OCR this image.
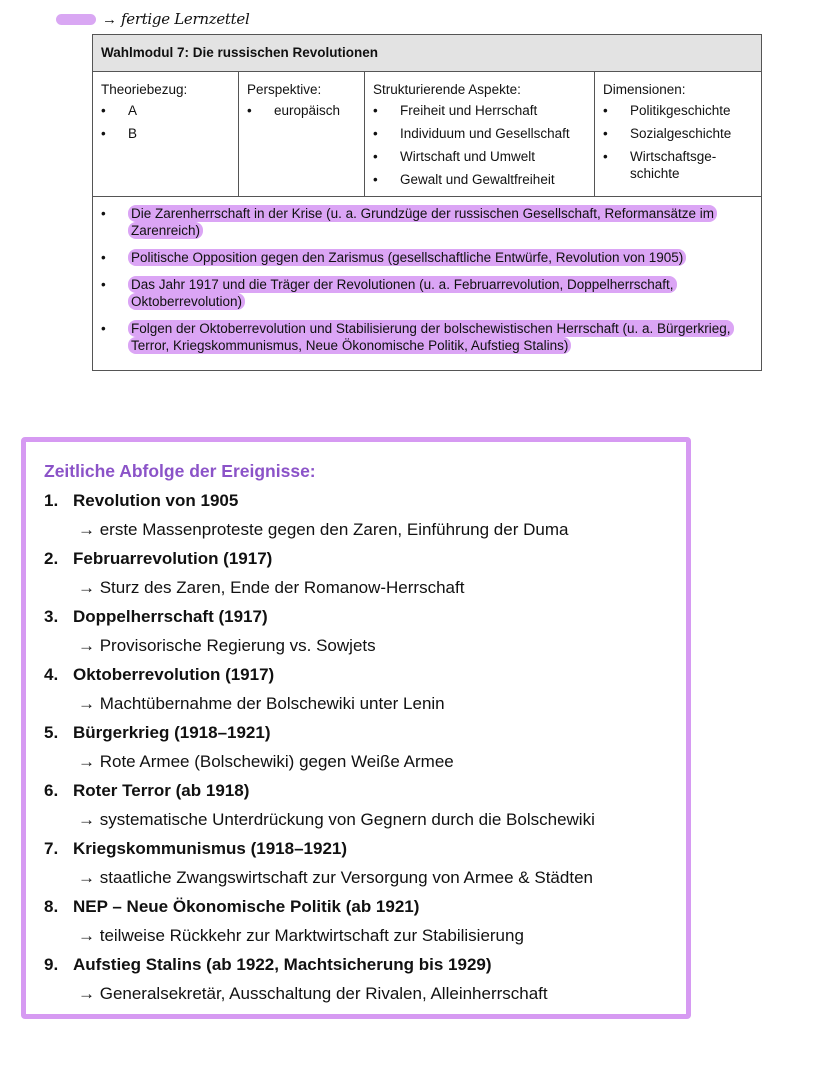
→ fertige Lernzettel
Wahlmodul 7: Die russischen Revolutionen
Theoriebezug:
• A
• B
Perspektive:
• europäisch
Strukturierende Aspekte:
• Freiheit und Herrschaft
• Individuum und Gesellschaft
• Wirtschaft und Umwelt
• Gewalt und Gewaltfreiheit
Dimensionen:
• Politikgeschichte
• Sozialgeschichte
• Wirtschaftsge-schichte
• Die Zarenherrschaft in der Krise (u. a. Grundzüge der russischen Gesellschaft, Reformansätze im Zarenreich)
• Politische Opposition gegen den Zarismus (gesellschaftliche Entwürfe, Revolution von 1905)
• Das Jahr 1917 und die Träger der Revolutionen (u. a. Februarrevolution, Doppelherrschaft, Oktoberrevolution)
• Folgen der Oktoberrevolution und Stabilisierung der bolschewistischen Herrschaft (u. a. Bürgerkrieg, Terror, Kriegskommunismus, Neue Ökonomische Politik, Aufstieg Stalins)
Zeitliche Abfolge der Ereignisse:
1. Revolution von 1905
→ erste Massenproteste gegen den Zaren, Einführung der Duma
2. Februarrevolution (1917)
→ Sturz des Zaren, Ende der Romanow-Herrschaft
3. Doppelherrschaft (1917)
→ Provisorische Regierung vs. Sowjets
4. Oktoberrevolution (1917)
→ Machtübernahme der Bolschewiki unter Lenin
5. Bürgerkrieg (1918–1921)
→ Rote Armee (Bolschewiki) gegen Weiße Armee
6. Roter Terror (ab 1918)
→ systematische Unterdrückung von Gegnern durch die Bolschewiki
7. Kriegskommunismus (1918–1921)
→ staatliche Zwangswirtschaft zur Versorgung von Armee & Städten
8. NEP – Neue Ökonomische Politik (ab 1921)
→ teilweise Rückkehr zur Marktwirtschaft zur Stabilisierung
9. Aufstieg Stalins (ab 1922, Machtsicherung bis 1929)
→ Generalsekretär, Ausschaltung der Rivalen, Alleinherrschaft
